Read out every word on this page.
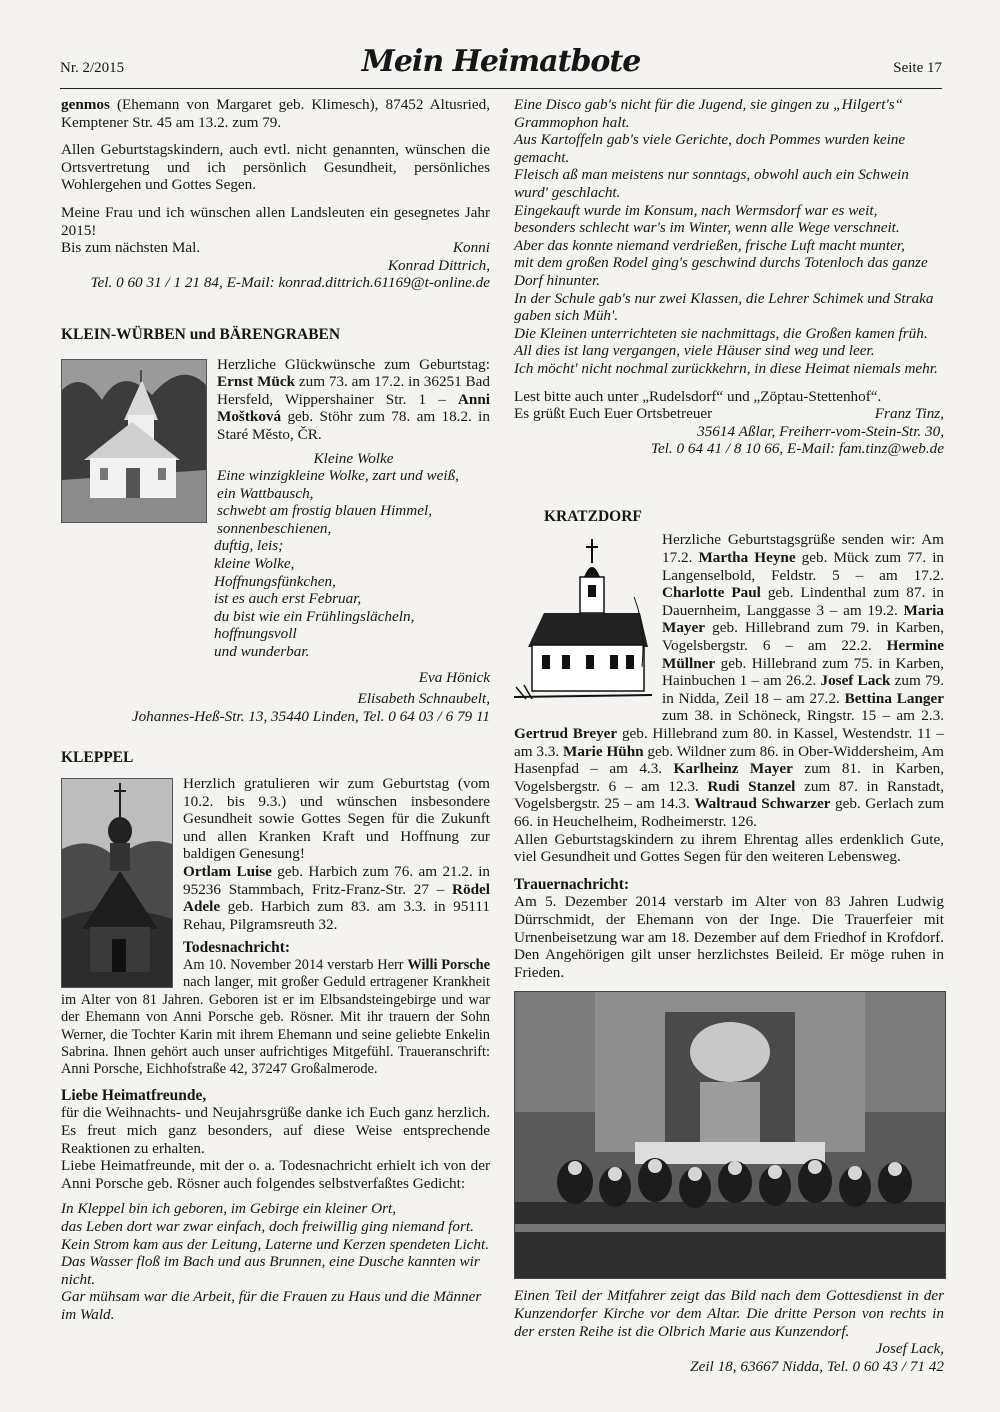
Nr. 2/2015	Mein Heimatbote	Seite 17

genmos (Ehemann von Margaret geb. Klimesch), 87452 Altusried, Kemptener Str. 45 am 13.2. zum 79.

Allen Geburtstagskindern, auch evtl. nicht genannten, wünschen die Ortsvertretung und ich persönlich Gesundheit, persönliches Wohlergehen und Gottes Segen.

Meine Frau und ich wünschen allen Landsleuten ein gesegnetes Jahr 2015!

Bis zum nächsten Mal.	Konni

Konrad Dittrich,

Tel. 0 60 31 / 1 21 84, E-Mail: konrad.dittrich.61169@t-online.de

KLEIN-WÜRBEN und BÄRENGRABEN

Herzliche Glückwünsche zum Geburtstag: Ernst Mück zum 73. am 17.2. in 36251 Bad Hersfeld, Wippershainer Str. 1 – Anni Moštková geb. Stöhr zum 78. am 18.2. in Staré Město, ČR.

Kleine Wolke

Eine winzigkleine Wolke, zart und weiß,
ein Wattbausch,
schwebt am frostig blauen Himmel,
sonnenbeschienen,
duftig, leis;
kleine Wolke,
Hoffnungsfünkchen,
ist es auch erst Februar,
du bist wie ein Frühlingslächeln,
hoffnungsvoll
und wunderbar.

Eva Hönick

Elisabeth Schnaubelt,

Johannes-Heß-Str. 13, 35440 Linden, Tel. 0 64 03 / 6 79 11

KLEPPEL

Herzlich gratulieren wir zum Geburtstag (vom 10.2. bis 9.3.) und wünschen insbesondere Gesundheit sowie Gottes Segen für die Zukunft und allen Kranken Kraft und Hoffnung zur baldigen Genesung!

Ortlam Luise geb. Harbich zum 76. am 21.2. in 95236 Stammbach, Fritz-Franz-Str. 27 – Rödel Adele geb. Harbich zum 83. am 3.3. in 95111 Rehau, Pilgramsreuth 32.

Todesnachricht:

Am 10. November 2014 verstarb Herr Willi Porsche nach langer, mit großer Geduld ertragener Krankheit im Alter von 81 Jahren. Geboren ist er im Elbsandsteingebirge und war der Ehemann von Anni Porsche geb. Rösner. Mit ihr trauern der Sohn Werner, die Tochter Karin mit ihrem Ehemann und seine geliebte Enkelin Sabrina. Ihnen gehört auch unser aufrichtiges Mitgefühl. Traueranschrift: Anni Porsche, Eichhofstraße 42, 37247 Großalmerode.

Liebe Heimatfreunde,

für die Weihnachts- und Neujahrsgrüße danke ich Euch ganz herzlich. Es freut mich ganz besonders, auf diese Weise entsprechende Reaktionen zu erhalten.

Liebe Heimatfreunde, mit der o. a. Todesnachricht erhielt ich von der Anni Porsche geb. Rösner auch folgendes selbstverfaßtes Gedicht:

In Kleppel bin ich geboren, im Gebirge ein kleiner Ort,
das Leben dort war zwar einfach, doch freiwillig ging niemand fort.
Kein Strom kam aus der Leitung, Laterne und Kerzen spendeten Licht.
Das Wasser floß im Bach und aus Brunnen, eine Dusche kannten wir nicht.
Gar mühsam war die Arbeit, für die Frauen zu Haus und die Männer im Wald.
Eine Disco gab's nicht für die Jugend, sie gingen zu „Hilgert's“ Grammophon halt.
Aus Kartoffeln gab's viele Gerichte, doch Pommes wurden keine gemacht.
Fleisch aß man meistens nur sonntags, obwohl auch ein Schwein wurd' geschlacht.
Eingekauft wurde im Konsum, nach Wermsdorf war es weit,
besonders schlecht war's im Winter, wenn alle Wege verschneit.
Aber das konnte niemand verdrießen, frische Luft macht munter,
mit dem großen Rodel ging's geschwind durchs Totenloch das ganze Dorf hinunter.
In der Schule gab's nur zwei Klassen, die Lehrer Schimek und Straka gaben sich Müh'.
Die Kleinen unterrichteten sie nachmittags, die Großen kamen früh.
All dies ist lang vergangen, viele Häuser sind weg und leer.
Ich möcht' nicht nochmal zurückkehrn, in diese Heimat niemals mehr.

Lest bitte auch unter „Rudelsdorf“ und „Zöptau-Stettenhof“.

Es grüßt Euch Euer Ortsbetreuer	Franz Tinz,

35614 Aßlar, Freiherr-vom-Stein-Str. 30,

Tel. 0 64 41 / 8 10 66, E-Mail: fam.tinz@web.de

KRATZDORF

Herzliche Geburtstagsgrüße senden wir: Am 17.2. Martha Heyne geb. Mück zum 77. in Langenselbold, Feldstr. 5 – am 17.2. Charlotte Paul geb. Lindenthal zum 87. in Dauernheim, Langgasse 3 – am 19.2. Maria Mayer geb. Hillebrand zum 79. in Karben, Vogelsbergstr. 6 – am 22.2. Hermine Müllner geb. Hillebrand zum 75. in Karben, Hainbuchen 1 – am 26.2. Josef Lack zum 79. in Nidda, Zeil 18 – am 27.2. Bettina Langer zum 38. in Schöneck, Ringstr. 15 – am 2.3. Gertrud Breyer geb. Hillebrand zum 80. in Kassel, Westendstr. 11 – am 3.3. Marie Hühn geb. Wildner zum 86. in Ober-Widdersheim, Am Hasenpfad – am 4.3. Karlheinz Mayer zum 81. in Karben, Vogelsbergstr. 6 – am 12.3. Rudi Stanzel zum 87. in Ranstadt, Vogelsbergstr. 25 – am 14.3. Waltraud Schwarzer geb. Gerlach zum 66. in Heuchelheim, Rodheimerstr. 126.

Allen Geburtstagskindern zu ihrem Ehrentag alles erdenklich Gute, viel Gesundheit und Gottes Segen für den weiteren Lebensweg.

Trauernachricht:

Am 5. Dezember 2014 verstarb im Alter von 83 Jahren Ludwig Dürrschmidt, der Ehemann von der Inge. Die Trauerfeier mit Urnenbeisetzung war am 18. Dezember auf dem Friedhof in Krofdorf. Den Angehörigen gilt unser herzlichstes Beileid. Er möge ruhen in Frieden.

Einen Teil der Mitfahrer zeigt das Bild nach dem Gottesdienst in der Kunzendorfer Kirche vor dem Altar. Die dritte Person von rechts in der ersten Reihe ist die Olbrich Marie aus Kunzendorf.

Josef Lack,

Zeil 18, 63667 Nidda, Tel. 0 60 43 / 71 42
